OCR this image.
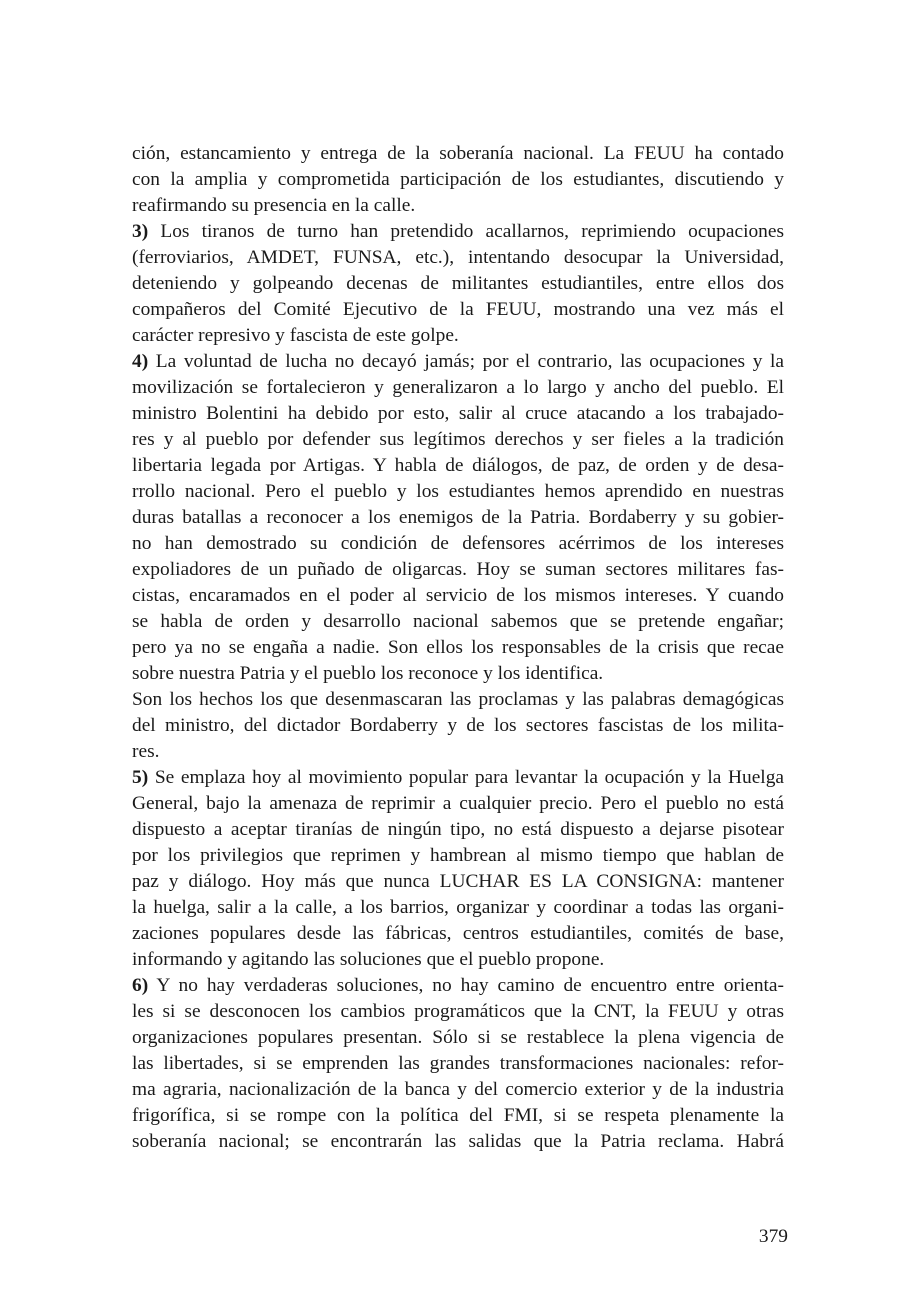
ción, estancamiento y entrega de la soberanía nacional. La FEUU ha contado
con la amplia y comprometida participación de los estudiantes, discutiendo y
reafirmando su presencia en la calle.
3) Los tiranos de turno han pretendido acallarnos, reprimiendo ocupaciones
(ferroviarios, AMDET, FUNSA, etc.), intentando desocupar la Universidad,
deteniendo y golpeando decenas de militantes estudiantiles, entre ellos dos
compañeros del Comité Ejecutivo de la FEUU, mostrando una vez más el
carácter represivo y fascista de este golpe.
4) La voluntad de lucha no decayó jamás; por el contrario, las ocupaciones y la
movilización se fortalecieron y generalizaron a lo largo y ancho del pueblo. El
ministro Bolentini ha debido por esto, salir al cruce atacando a los trabajado-
res y al pueblo por defender sus legítimos derechos y ser fieles a la tradición
libertaria legada por Artigas. Y habla de diálogos, de paz, de orden y de desa-
rrollo nacional. Pero el pueblo y los estudiantes hemos aprendido en nuestras
duras batallas a reconocer a los enemigos de la Patria. Bordaberry y su gobier-
no han demostrado su condición de defensores acérrimos de los intereses
expoliadores de un puñado de oligarcas. Hoy se suman sectores militares fas-
cistas, encaramados en el poder al servicio de los mismos intereses. Y cuando
se habla de orden y desarrollo nacional sabemos que se pretende engañar;
pero ya no se engaña a nadie. Son ellos los responsables de la crisis que recae
sobre nuestra Patria y el pueblo los reconoce y los identifica.
Son los hechos los que desenmascaran las proclamas y las palabras demagógicas
del ministro, del dictador Bordaberry y de los sectores fascistas de los milita-
res.
5) Se emplaza hoy al movimiento popular para levantar la ocupación y la Huelga
General, bajo la amenaza de reprimir a cualquier precio. Pero el pueblo no está
dispuesto a aceptar tiranías de ningún tipo, no está dispuesto a dejarse pisotear
por los privilegios que reprimen y hambrean al mismo tiempo que hablan de
paz y diálogo. Hoy más que nunca LUCHAR ES LA CONSIGNA: mantener
la huelga, salir a la calle, a los barrios, organizar y coordinar a todas las organi-
zaciones populares desde las fábricas, centros estudiantiles, comités de base,
informando y agitando las soluciones que el pueblo propone.
6) Y no hay verdaderas soluciones, no hay camino de encuentro entre orienta-
les si se desconocen los cambios programáticos que la CNT, la FEUU y otras
organizaciones populares presentan. Sólo si se restablece la plena vigencia de
las libertades, si se emprenden las grandes transformaciones nacionales: refor-
ma agraria, nacionalización de la banca y del comercio exterior y de la industria
frigorífica, si se rompe con la política del FMI, si se respeta plenamente la
soberanía nacional; se encontrarán las salidas que la Patria reclama. Habrá
379
